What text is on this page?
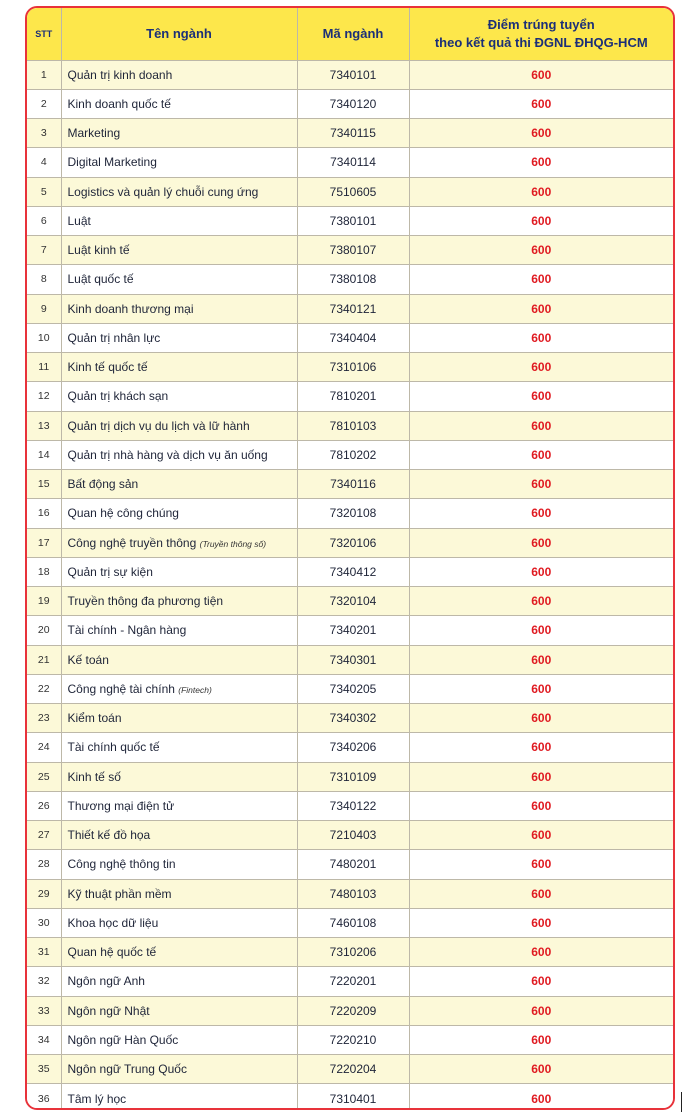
STT	Tên ngành	Mã ngành	Điểm trúng tuyển
theo kết quả thi ĐGNL ĐHQG-HCM

1	Quản trị kinh doanh	7340101	600
2	Kinh doanh quốc tế	7340120	600
3	Marketing	7340115	600
4	Digital Marketing	7340114	600
5	Logistics và quản lý chuỗi cung ứng	7510605	600
6	Luật	7380101	600
7	Luật kinh tế	7380107	600
8	Luật quốc tế	7380108	600
9	Kinh doanh thương mại	7340121	600
10	Quản trị nhân lực	7340404	600
11	Kinh tế quốc tế	7310106	600
12	Quản trị khách sạn	7810201	600
13	Quản trị dịch vụ du lịch và lữ hành	7810103	600
14	Quản trị nhà hàng và dịch vụ ăn uống	7810202	600
15	Bất động sản	7340116	600
16	Quan hệ công chúng	7320108	600
17	Công nghệ truyền thông (Truyền thông số)	7320106	600
18	Quản trị sự kiện	7340412	600
19	Truyền thông đa phương tiện	7320104	600
20	Tài chính - Ngân hàng	7340201	600
21	Kế toán	7340301	600
22	Công nghệ tài chính (Fintech)	7340205	600
23	Kiểm toán	7340302	600
24	Tài chính quốc tế	7340206	600
25	Kinh tế số	7310109	600
26	Thương mại điện tử	7340122	600
27	Thiết kế đồ họa	7210403	600
28	Công nghệ thông tin	7480201	600
29	Kỹ thuật phần mềm	7480103	600
30	Khoa học dữ liệu	7460108	600
31	Quan hệ quốc tế	7310206	600
32	Ngôn ngữ Anh	7220201	600
33	Ngôn ngữ Nhật	7220209	600
34	Ngôn ngữ Hàn Quốc	7220210	600
35	Ngôn ngữ Trung Quốc	7220204	600
36	Tâm lý học	7310401	600
